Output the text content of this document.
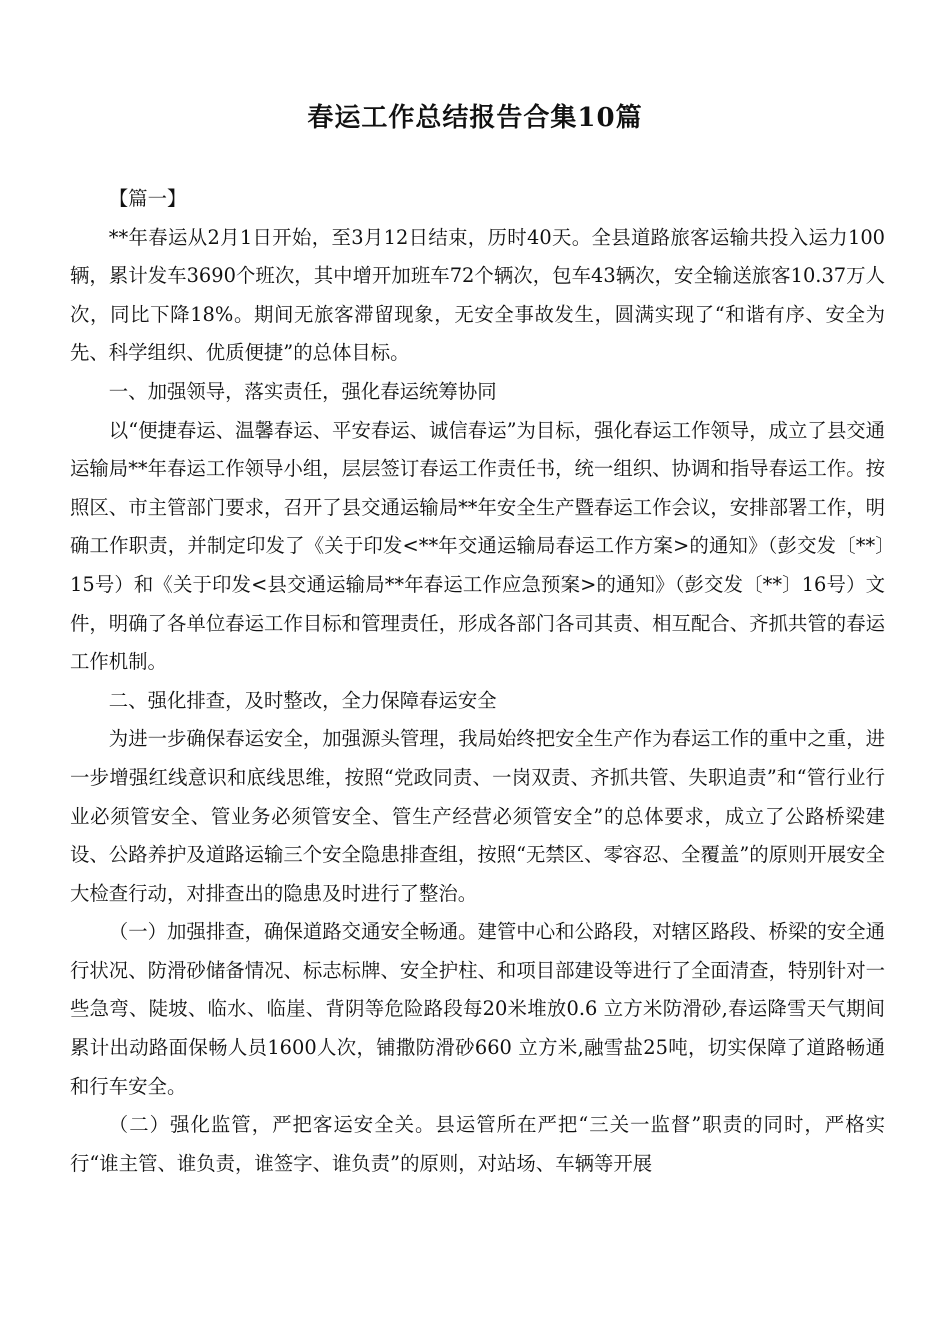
春运工作总结报告合集10篇

【篇一】

**年春运从2月1日开始，至3月12日结束，历时40天。全县道路旅客运输共投入运力100辆，累计发车3690个班次，其中增开加班车72个辆次，包车43辆次，安全输送旅客10.37万人次，同比下降18%。期间无旅客滞留现象，无安全事故发生，圆满实现了“和谐有序、安全为先、科学组织、优质便捷”的总体目标。

一、加强领导，落实责任，强化春运统筹协同

以“便捷春运、温馨春运、平安春运、诚信春运”为目标，强化春运工作领导，成立了县交通运输局**年春运工作领导小组，层层签订春运工作责任书，统一组织、协调和指导春运工作。按照区、市主管部门要求，召开了县交通运输局**年安全生产暨春运工作会议，安排部署工作，明确工作职责，并制定印发了《关于印发<**年交通运输局春运工作方案>的通知》（彭交发〔**〕15号）和《关于印发<县交通运输局**年春运工作应急预案>的通知》（彭交发〔**〕16号）文件，明确了各单位春运工作目标和管理责任，形成各部门各司其责、相互配合、齐抓共管的春运工作机制。

二、强化排查，及时整改，全力保障春运安全

为进一步确保春运安全，加强源头管理，我局始终把安全生产作为春运工作的重中之重，进一步增强红线意识和底线思维，按照“党政同责、一岗双责、齐抓共管、失职追责”和“管行业行业必须管安全、管业务必须管安全、管生产经营必须管安全”的总体要求，成立了公路桥梁建设、公路养护及道路运输三个安全隐患排查组，按照“无禁区、零容忍、全覆盖”的原则开展安全大检查行动，对排查出的隐患及时进行了整治。

（一）加强排查，确保道路交通安全畅通。建管中心和公路段，对辖区路段、桥梁的安全通行状况、防滑砂储备情况、标志标牌、安全护柱、和项目部建设等进行了全面清查，特别针对一些急弯、陡坡、临水、临崖、背阴等危险路段每20米堆放0.6 立方米防滑砂,春运降雪天气期间累计出动路面保畅人员1600人次，铺撒防滑砂660 立方米,融雪盐25吨，切实保障了道路畅通和行车安全。

（二）强化监管，严把客运安全关。县运管所在严把“三关一监督”职责的同时，严格实行“谁主管、谁负责，谁签字、谁负责”的原则，对站场、车辆等开展
